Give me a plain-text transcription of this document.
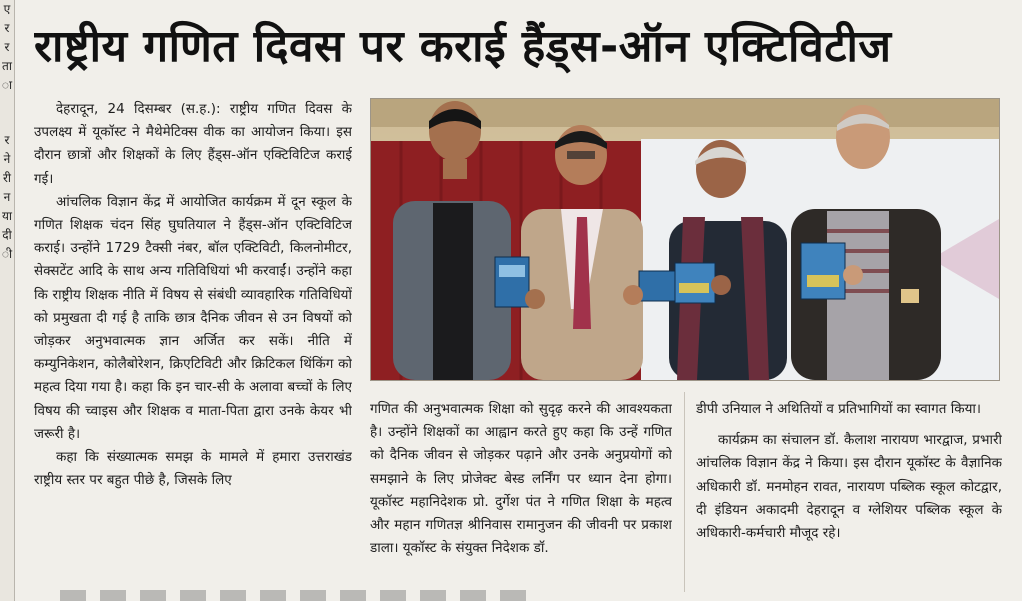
ए
र
र
ता
ा
र
ने
री
न
या
दी
ी
राष्ट्रीय गणित दिवस पर कराई हैंड्स-ऑन एक्टिविटीज

देहरादून, 24 दिसम्बर (स.ह.): राष्ट्रीय गणित दिवस के उपलक्ष्य में यूकॉस्ट ने मैथेमेटिक्स वीक का आयोजन किया। इस दौरान छात्रों और शिक्षकों के लिए हैंड्स-ऑन एक्टिविटिज कराई गई।

आंचलिक विज्ञान केंद्र में आयोजित कार्यक्रम में दून स्कूल के गणित शिक्षक चंदन सिंह घुघतियाल ने हैंड्स-ऑन एक्टिविटिज कराई। उन्होंने 1729 टैक्सी नंबर, बॉल एक्टिविटी, किलनोमीटर, सेक्सटेंट आदि के साथ अन्य गतिविधियां भी करवाईं। उन्होंने कहा कि राष्ट्रीय शिक्षक नीति में विषय से संबंधी व्यावहारिक गतिविधियों को प्रमुखता दी गई है ताकि छात्र दैनिक जीवन से उन विषयों को जोड़कर अनुभवात्मक ज्ञान अर्जित कर सकें। नीति में कम्युनिकेशन, कोलैबोरेशन, क्रिएटिविटी और क्रिटिकल थिंकिंग को महत्व दिया गया है। कहा कि इन चार-सी के अलावा बच्चों के लिए विषय की च्वाइस और शिक्षक व माता-पिता द्वारा उनके केयर भी जरूरी है।

कहा कि संख्यात्मक समझ के मामले में हमारा उत्तराखंड राष्ट्रीय स्तर पर बहुत पीछे है, जिसके लिए

गणित की अनुभवात्मक शिक्षा को सुदृढ़ करने की आवश्यकता है। उन्होंने शिक्षकों का आह्वान करते हुए कहा कि उन्हें गणित को दैनिक जीवन से जोड़कर पढ़ाने और उनके अनुप्रयोगों को समझाने के लिए प्रोजेक्ट बेस्ड लर्निंग पर ध्यान देना होगा। यूकॉस्ट महानिदेशक प्रो. दुर्गेश पंत ने गणित शिक्षा के महत्व और महान गणितज्ञ श्रीनिवास रामानुजन की जीवनी पर प्रकाश डाला। यूकॉस्ट के संयुक्त निदेशक डॉ.

डीपी उनियाल ने अथितियों व प्रतिभागियों का स्वागत किया।

कार्यक्रम का संचालन डॉ. कैलाश नारायण भारद्वाज, प्रभारी आंचलिक विज्ञान केंद्र ने किया। इस दौरान यूकॉस्ट के वैज्ञानिक अधिकारी डॉ. मनमोहन रावत, नारायण पब्लिक स्कूल कोटद्वार, दी इंडियन अकादमी देहरादून व ग्लेशियर पब्लिक स्कूल के अधिकारी-कर्मचारी मौजूद रहे।
